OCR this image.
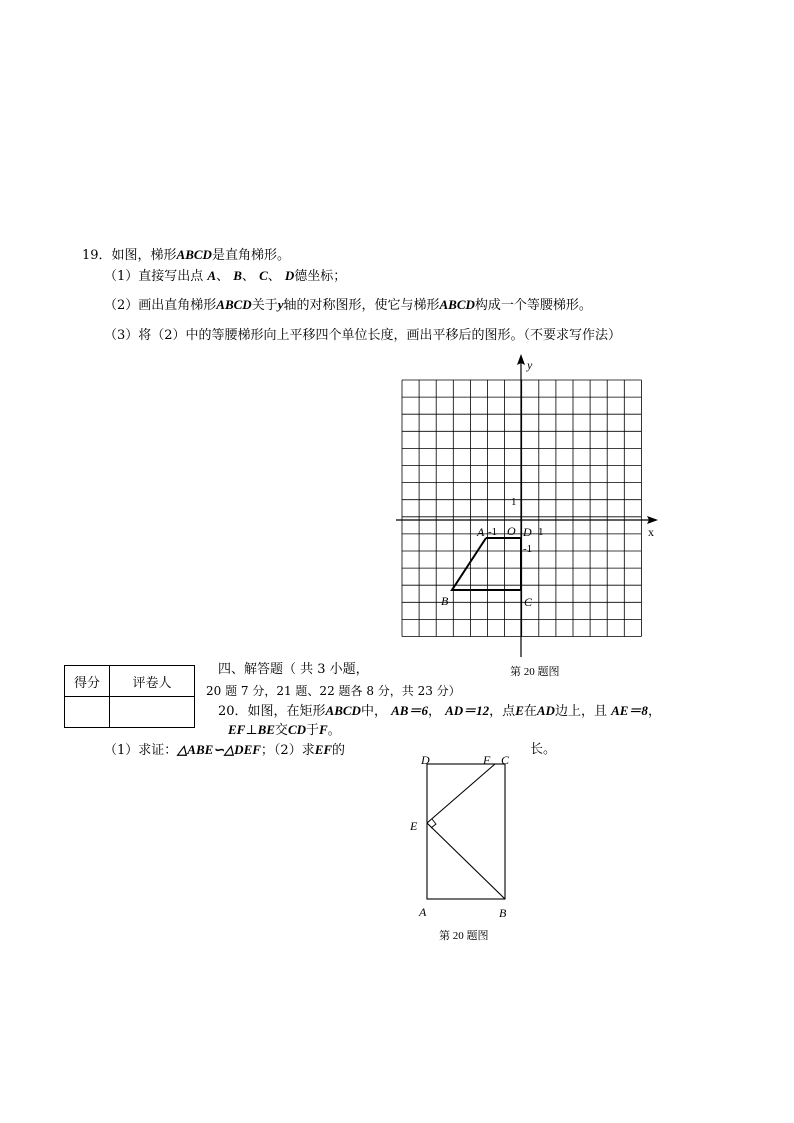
19．如图，梯形ABCD是直角梯形。
（1）直接写出点 A、 B、 C、 D德坐标；
（2）画出直角梯形ABCD关于y轴的对称图形，使它与梯形ABCD构成一个等腰梯形。
（3）将（2）中的等腰梯形向上平移四个单位长度，画出平移后的图形。（不要求写作法）
y
x
1
O 1
-1
-1
A	D
B	C
第 20 题图
得分	评卷人

四、解答题（ 共 3 小题，
20 题 7 分，21 题、22 题各 8 分，共 23 分）
20．如图，在矩形ABCD中， AB＝6， AD＝12，点E在AD边上，且 AE＝8，
EF⊥BE交CD于F。
（1）求证：△ABE∽△DEF；（2）求EF的	长。
D	F C
E
A	B
第 20 题图
